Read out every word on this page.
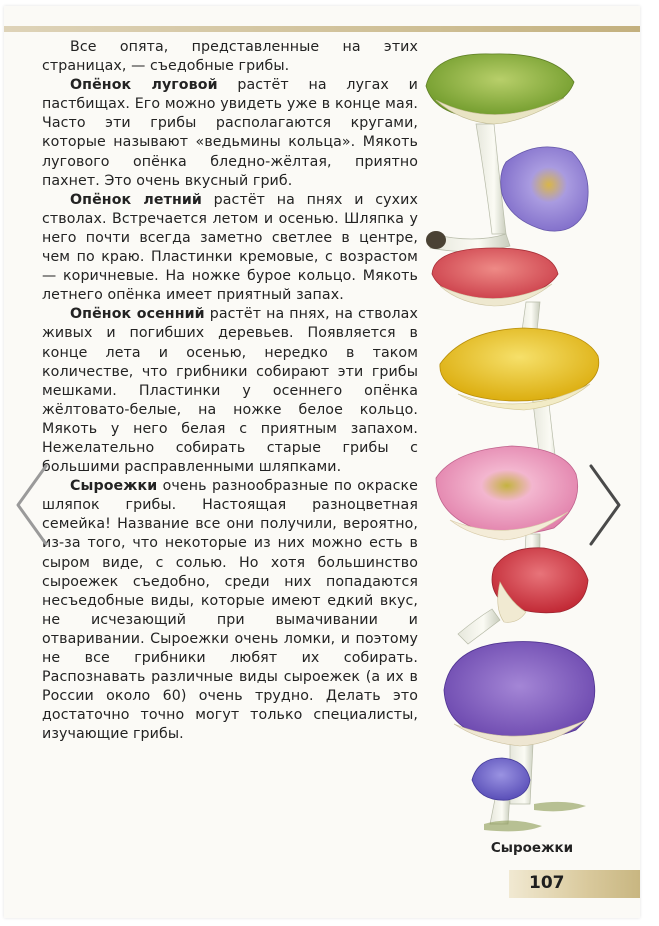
Все опята, представленные на этих страницах, — съедобные грибы.

Опёнок луговой растёт на лугах и пастбищах. Его можно увидеть уже в конце мая. Часто эти грибы располагаются кругами, которые называют «ведьмины кольца». Мякоть лугового опёнка бледно-жёлтая, приятно пахнет. Это очень вкусный гриб.

Опёнок летний растёт на пнях и сухих стволах. Встречается летом и осенью. Шляпка у него почти всегда заметно светлее в центре, чем по краю. Пластинки кремовые, с возрастом — коричневые. На ножке бурое кольцо. Мякоть летнего опёнка имеет приятный запах.

Опёнок осенний растёт на пнях, на стволах живых и погибших деревьев. Появляется в конце лета и осенью, нередко в таком количестве, что грибники собирают эти грибы мешками. Пластинки у осеннего опёнка жёлтовато-белые, на ножке белое кольцо. Мякоть у него белая с приятным запахом. Нежелательно собирать старые грибы с большими расправленными шляпками.

Сыроежки очень разнообразные по окраске шляпок грибы. Настоящая разноцветная семейка! Название все они получили, вероятно, из-за того, что некоторые из них можно есть в сыром виде, с солью. Но хотя большинство сыроежек съедобно, среди них попадаются несъедобные виды, которые имеют едкий вкус, не исчезающий при вымачивании и отваривании. Сыроежки очень ломки, и поэтому не все грибники любят их собирать. Распознавать различные виды сыроежек (а их в России около 60) очень трудно. Делать это достаточно точно могут только специалисты, изучающие грибы.

Сыроежки
107
